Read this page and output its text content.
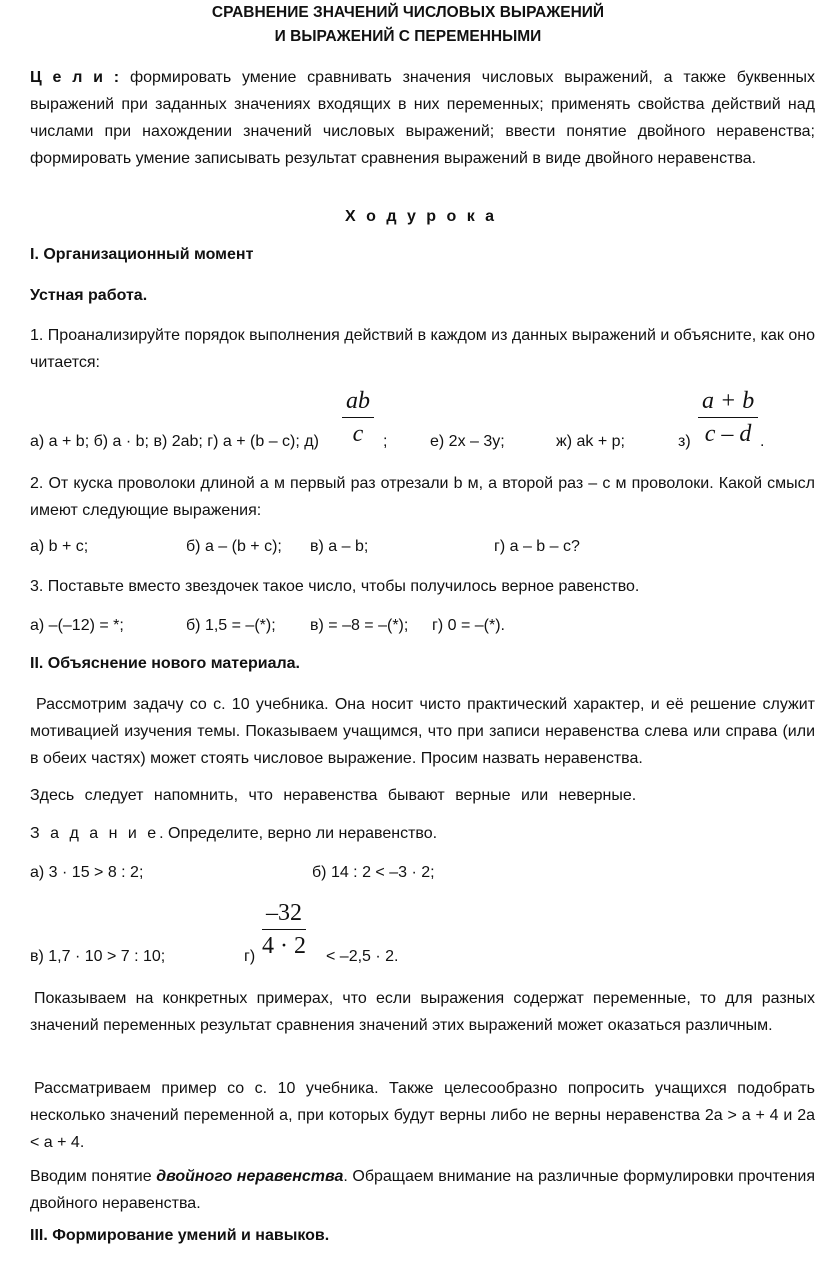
СРАВНЕНИЕ ЗНАЧЕНИЙ ЧИСЛОВЫХ ВЫРАЖЕНИЙ
И ВЫРАЖЕНИЙ С ПЕРЕМЕННЫМИ
Ц е л и : формировать умение сравнивать значения числовых выражений, а также буквенных выражений при заданных значениях входящих в них переменных; применять свойства действий над числами при нахождении значений числовых выражений; ввести понятие двойного неравенства; формировать умение записывать результат сравнения выражений в виде двойного неравенства.
Х о д у р о к а
I. Организационный момент
Устная работа.
1. Проанализируйте порядок выполнения действий в каждом из данных выражений и объясните, как оно читается:
а) a + b; б) a · b; в) 2ab; г) a + (b – c); $д) \frac{ab}{c}$ ;	е) 2x – 3y;	ж) ak + p;	$з) \frac{a + b}{c - d}$ .
2. От куска проволоки длиной a м первый раз отрезали b м, а второй раз – c м проволоки. Какой смысл имеют следующие выражения:
а) b + c;	б) a – (b + c); в) a – b;	г) a – b – c?
3. Поставьте вместо звездочек такое число, чтобы получилось верное равенство.
а) –(–12) = *;	б) 1,5 = –(*); в) = –8 = –(*); г) 0 = –(*).
II. Объяснение нового материала.
Рассмотрим задачу со с. 10 учебника. Она носит чисто практический характер, и её решение служит мотивацией изучения темы. Показываем учащимся, что при записи неравенства слева или справа (или в обеих частях) может стоять числовое выражение. Просим назвать неравенства.
Здесь следует напомнить, что неравенства бывают верные или неверные.
З а д а н и е. Определите, верно ли неравенство.
а) 3 · 15 > 8 : 2;	б) 14 : 2 < –3 · 2;
в) 1,7 · 10 > 7 : 10;	$г) \frac{-32}{4 \cdot 2} < -2,5 \cdot 2$.
Показываем на конкретных примерах, что если выражения содержат переменные, то для разных значений переменных результат сравнения значений этих выражений может оказаться различным.
Рассматриваем пример со с. 10 учебника. Также целесообразно попросить учащихся подобрать несколько значений переменной a, при которых будут верны либо не верны неравенства 2a > a + 4 и 2a < a + 4.
Вводим понятие двойного неравенства. Обращаем внимание на различные формулировки прочтения двойного неравенства.
III. Формирование умений и навыков.
